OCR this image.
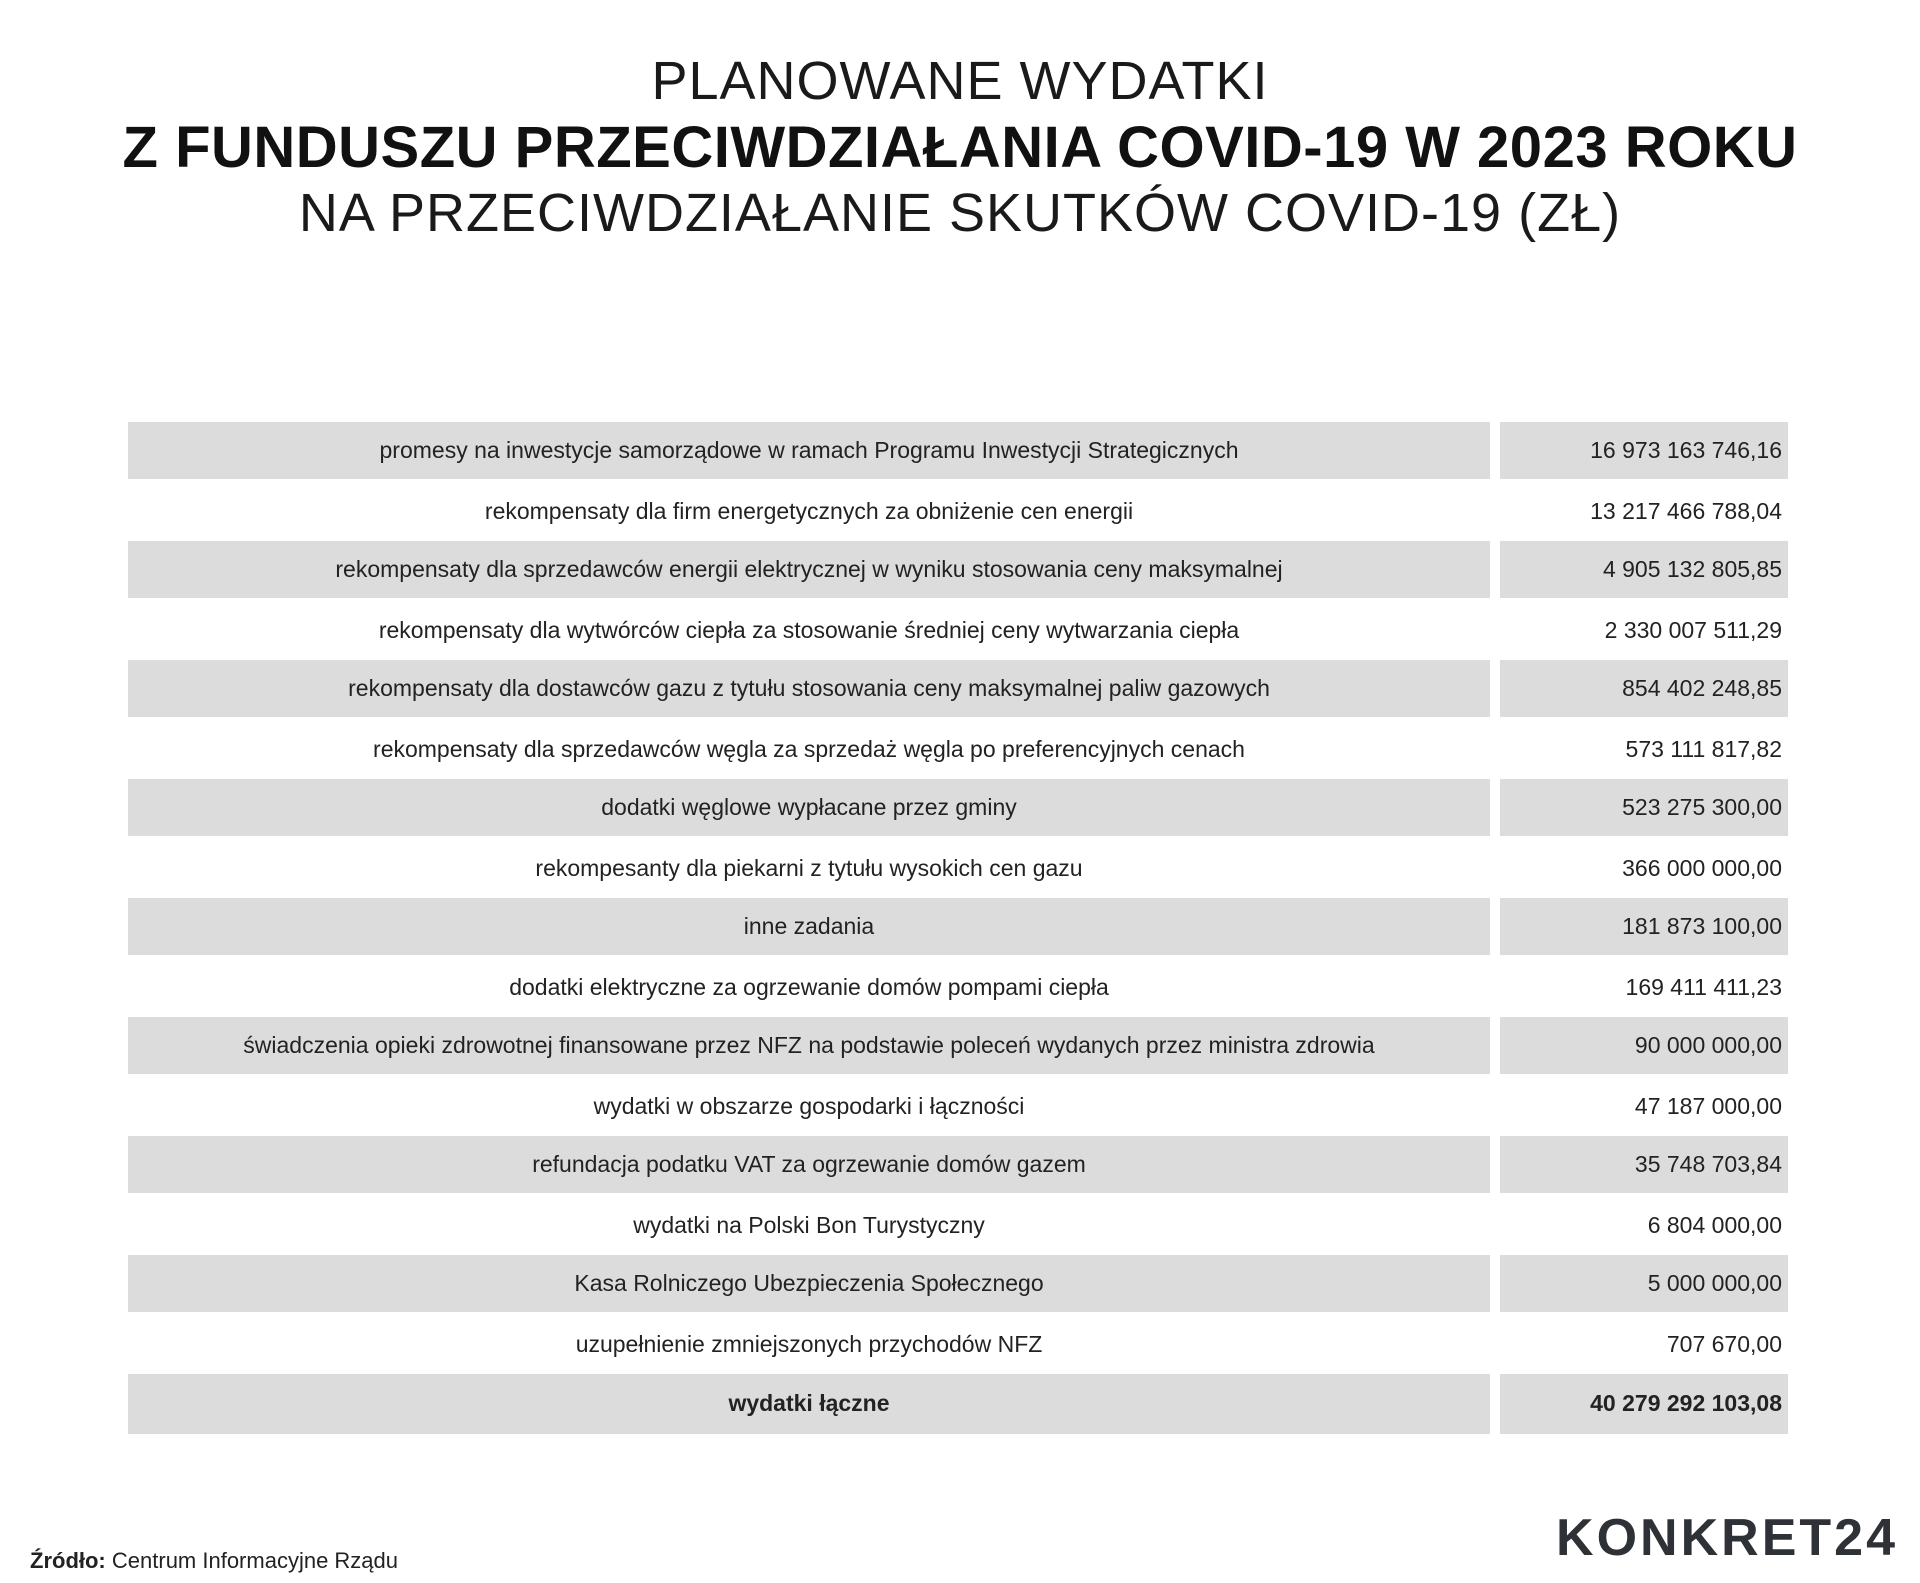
PLANOWANE WYDATKI
Z FUNDUSZU PRZECIWDZIAŁANIA COVID-19 W 2023 ROKU
NA PRZECIWDZIAŁANIE SKUTKÓW COVID-19 (ZŁ)
promesy na inwestycje samorządowe w ramach Programu Inwestycji Strategicznych	16 973 163 746,16
rekompensaty dla firm energetycznych za obniżenie cen energii	13 217 466 788,04
rekompensaty dla sprzedawców energii elektrycznej w wyniku stosowania ceny maksymalnej	4 905 132 805,85
rekompensaty dla wytwórców ciepła za stosowanie średniej ceny wytwarzania ciepła	2 330 007 511,29
rekompensaty dla dostawców gazu z tytułu stosowania ceny maksymalnej paliw gazowych	854 402 248,85
rekompensaty dla sprzedawców węgla za sprzedaż węgla po preferencyjnych cenach	573 111 817,82
dodatki węglowe wypłacane przez gminy	523 275 300,00
rekompesanty dla piekarni z tytułu wysokich cen gazu	366 000 000,00
inne zadania	181 873 100,00
dodatki elektryczne za ogrzewanie domów pompami ciepła	169 411 411,23
świadczenia opieki zdrowotnej finansowane przez NFZ na podstawie poleceń wydanych przez ministra zdrowia	90 000 000,00
wydatki w obszarze gospodarki i łączności	47 187 000,00
refundacja podatku VAT za ogrzewanie domów gazem	35 748 703,84
wydatki na Polski Bon Turystyczny	6 804 000,00
Kasa Rolniczego Ubezpieczenia Społecznego	5 000 000,00
uzupełnienie zmniejszonych przychodów NFZ	707 670,00
wydatki łączne	40 279 292 103,08
Źródło: Centrum Informacyjne Rządu	KONKRET24
